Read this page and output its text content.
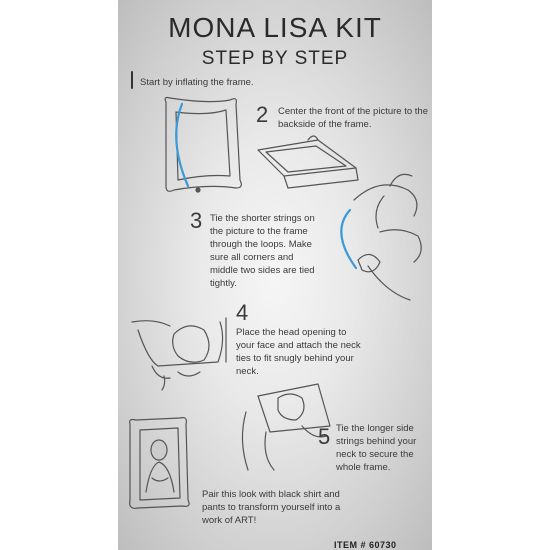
MONA LISA KIT
STEP BY STEP
Start by inflating the frame.
2 Center the front of the picture to the backside of the frame.
3 Tie the shorter strings on the picture to the frame through the loops. Make sure all corners and middle two sides are tied tightly.
4
Place the head opening to your face and attach the neck ties to fit snugly behind your neck.
5 Tie the longer side strings behind your neck to secure the whole frame.
Pair this look with black shirt and pants to transform yourself into a work of ART!
ITEM # 60730
